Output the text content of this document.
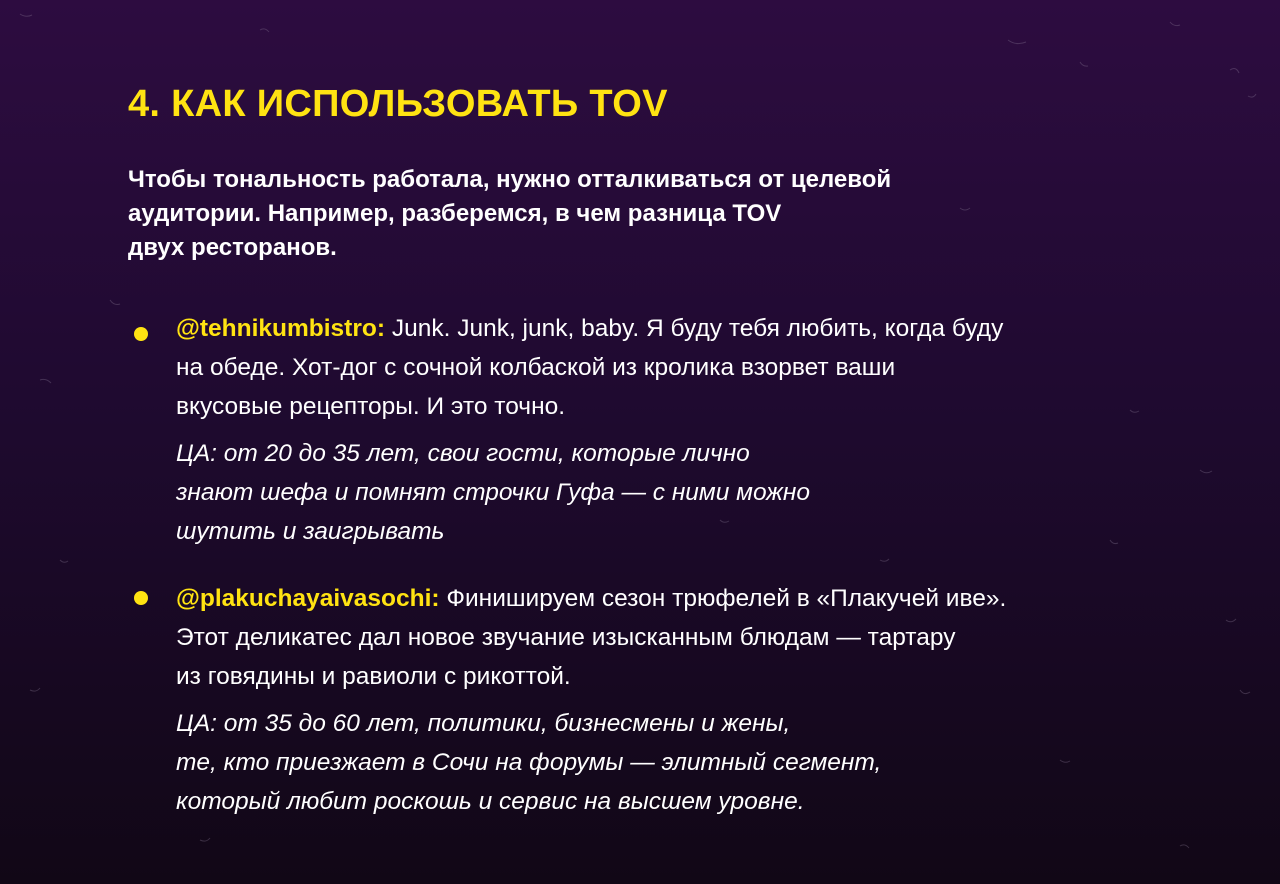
4. КАК ИСПОЛЬЗОВАТЬ TOV
Чтобы тональность работала, нужно отталкиваться от целевой
аудитории. Например, разберемся, в чем разница TOV
двух ресторанов.
@tehnikumbistro: Junk. Junk, junk, baby. Я буду тебя любить, когда буду
на обеде. Хот-дог с сочной колбаской из кролика взорвет ваши
вкусовые рецепторы. И это точно.
ЦА: от 20 до 35 лет, свои гости, которые лично
знают шефа и помнят строчки Гуфа — с ними можно
шутить и заигрывать
@plakuchayaivasochi: Финишируем сезон трюфелей в «Плакучей иве».
Этот деликатес дал новое звучание изысканным блюдам — тартару
из говядины и равиоли с рикоттой.
ЦА: от 35 до 60 лет, политики, бизнесмены и жены,
те, кто приезжает в Сочи на форумы — элитный сегмент,
который любит роскошь и сервис на высшем уровне.
